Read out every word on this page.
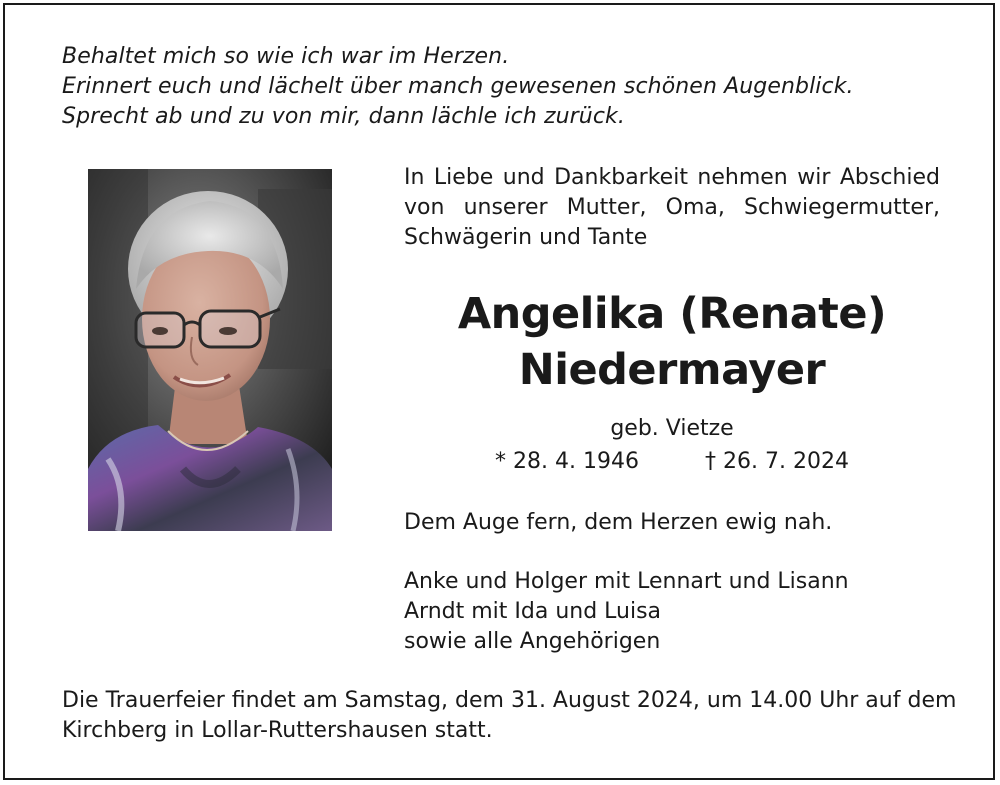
Behaltet mich so wie ich war im Herzen.
Erinnert euch und lächelt über manch gewesenen schönen Augenblick.
Sprecht ab und zu von mir, dann lächle ich zurück.
In Liebe und Dankbarkeit nehmen wir Abschied
von unserer Mutter, Oma, Schwiegermutter,
Schwägerin und Tante
Angelika (Renate)
Niedermayer
geb. Vietze
* 28. 4. 1946	† 26. 7. 2024
Dem Auge fern, dem Herzen ewig nah.
Anke und Holger mit Lennart und Lisann
Arndt mit Ida und Luisa
sowie alle Angehörigen
Die Trauerfeier findet am Samstag, dem 31. August 2024, um 14.00 Uhr auf dem
Kirchberg in Lollar-Ruttershausen statt.
